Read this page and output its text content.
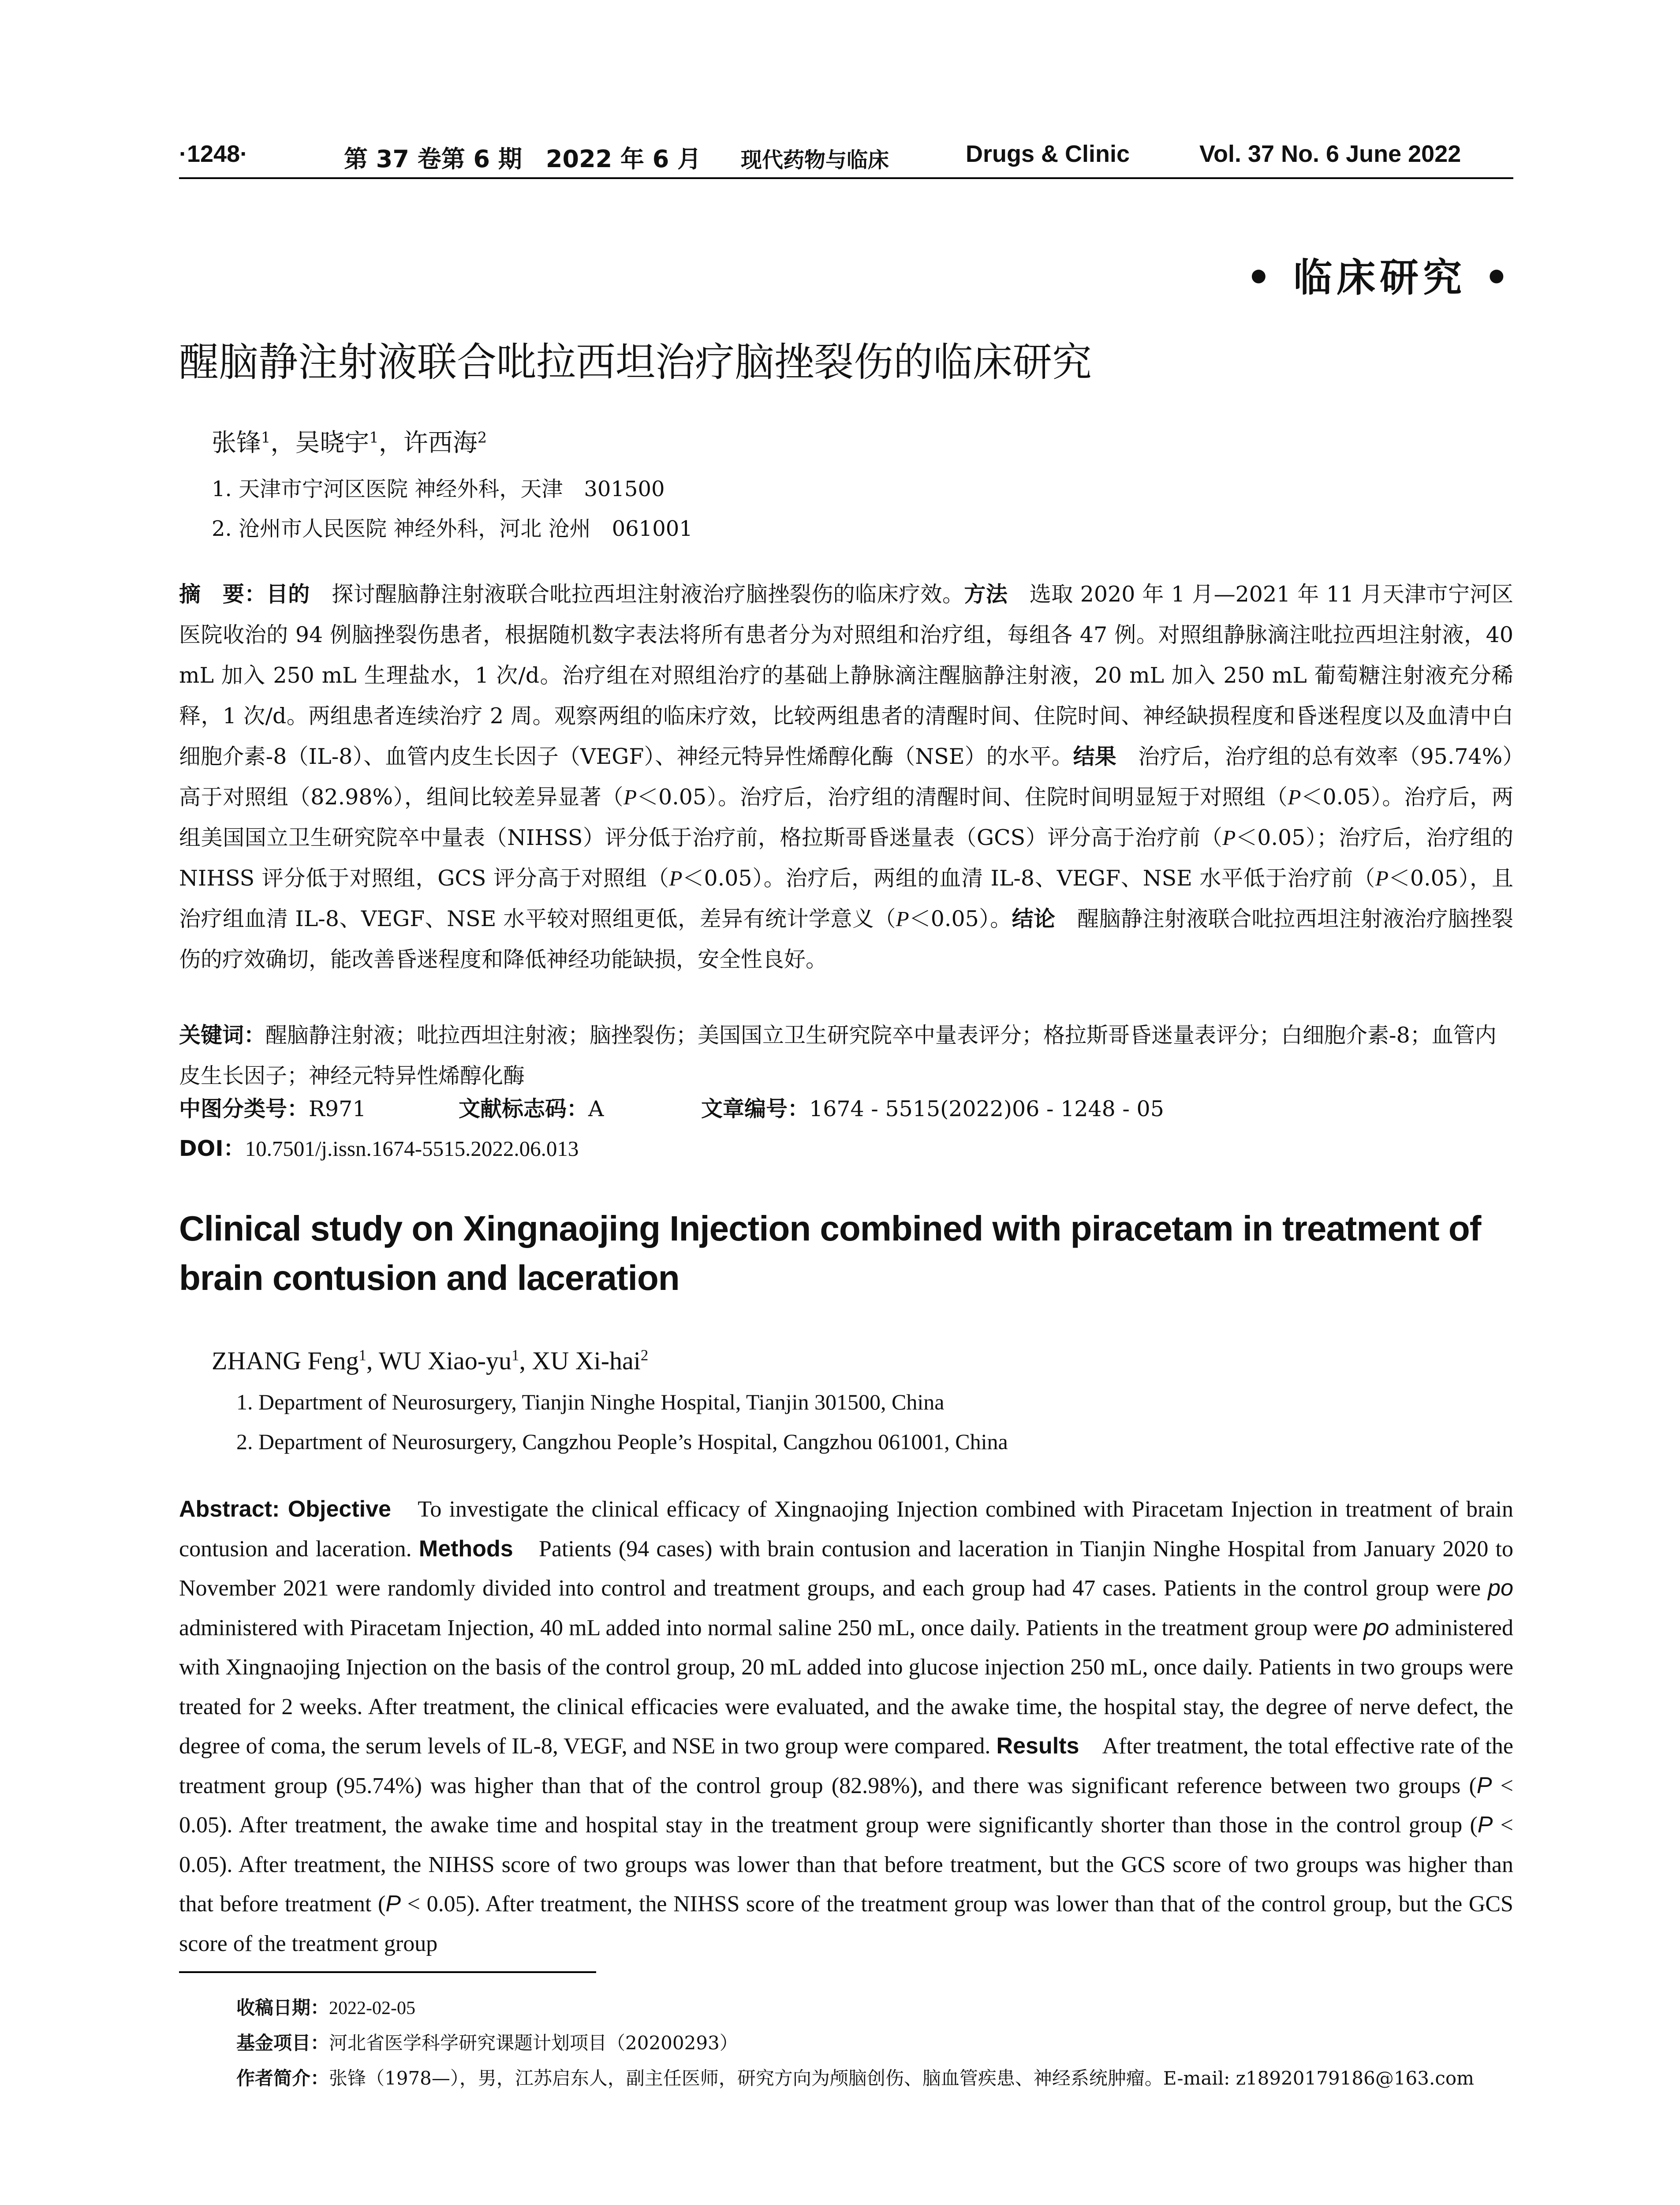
·1248·	第 37 卷第 6 期　2022 年 6 月 现代药物与临床	Drugs & Clinic	Vol. 37 No. 6 June 2022
• 临床研究 •
醒脑静注射液联合吡拉西坦治疗脑挫裂伤的临床研究
张锋$^1$，吴晓宇$^1$，许西海$^2$
1. 天津市宁河区医院 神经外科，天津　301500
2. 沧州市人民医院 神经外科，河北 沧州　061001
摘　要：目的　探讨醒脑静注射液联合吡拉西坦注射液治疗脑挫裂伤的临床疗效。方法　选取 2020 年 1 月—2021 年 11 月天津市宁河区医院收治的 94 例脑挫裂伤患者，根据随机数字表法将所有患者分为对照组和治疗组，每组各 47 例。对照组静脉滴注吡拉西坦注射液，40 mL 加入 250 mL 生理盐水，1 次/d。治疗组在对照组治疗的基础上静脉滴注醒脑静注射液，20 mL 加入 250 mL 葡萄糖注射液充分稀释，1 次/d。两组患者连续治疗 2 周。观察两组的临床疗效，比较两组患者的清醒时间、住院时间、神经缺损程度和昏迷程度以及血清中白细胞介素-8（IL-8）、血管内皮生长因子（VEGF）、神经元特异性烯醇化酶（NSE）的水平。结果　治疗后，治疗组的总有效率（95.74%）高于对照组（82.98%），组间比较差异显著（P＜0.05）。治疗后，治疗组的清醒时间、住院时间明显短于对照组（P＜0.05）。治疗后，两组美国国立卫生研究院卒中量表（NIHSS）评分低于治疗前，格拉斯哥昏迷量表（GCS）评分高于治疗前（P＜0.05）；治疗后，治疗组的 NIHSS 评分低于对照组，GCS 评分高于对照组（P＜0.05）。治疗后，两组的血清 IL-8、VEGF、NSE 水平低于治疗前（P＜0.05），且治疗组血清 IL-8、VEGF、NSE 水平较对照组更低，差异有统计学意义（P＜0.05）。结论　醒脑静注射液联合吡拉西坦注射液治疗脑挫裂伤的疗效确切，能改善昏迷程度和降低神经功能缺损，安全性良好。
关键词：醒脑静注射液；吡拉西坦注射液；脑挫裂伤；美国国立卫生研究院卒中量表评分；格拉斯哥昏迷量表评分；白细胞介素-8；血管内皮生长因子；神经元特异性烯醇化酶
中图分类号：R971	文献标志码：A	文章编号：1674 - 5515(2022)06 - 1248 - 05
DOI：10.7501/j.issn.1674-5515.2022.06.013
Clinical study on Xingnaojing Injection combined with piracetam in treatment of brain contusion and laceration
ZHANG Feng$^1$, WU Xiao-$yu^1$, XU Xi-hai$^2$
1. Department of Neurosurgery, Tianjin Ninghe Hospital, Tianjin 301500, China
2. Department of Neurosurgery, Cangzhou People’s Hospital, Cangzhou 061001, China
Abstract: Objective　To investigate the clinical efficacy of Xingnaojing Injection combined with Piracetam Injection in treatment of brain contusion and laceration. Methods　Patients (94 cases) with brain contusion and laceration in Tianjin Ninghe Hospital from January 2020 to November 2021 were randomly divided into control and treatment groups, and each group had 47 cases. Patients in the control group were po administered with Piracetam Injection, 40 mL added into normal saline 250 mL, once daily. Patients in the treatment group were po administered with Xingnaojing Injection on the basis of the control group, 20 mL added into glucose injection 250 mL, once daily. Patients in two groups were treated for 2 weeks. After treatment, the clinical efficacies were evaluated, and the awake time, the hospital stay, the degree of nerve defect, the degree of coma, the serum levels of IL-8, VEGF, and NSE in two group were compared. Results　After treatment, the total effective rate of the treatment group (95.74%) was higher than that of the control group (82.98%), and there was significant reference between two groups (P < 0.05). After treatment, the awake time and hospital stay in the treatment group were significantly shorter than those in the control group (P < 0.05). After treatment, the NIHSS score of two groups was lower than that before treatment, but the GCS score of two groups was higher than that before treatment (P < 0.05). After treatment, the NIHSS score of the treatment group was lower than that of the control group, but the GCS score of the treatment group
收稿日期：2022-02-05
基金项目：河北省医学科学研究课题计划项目（20200293）
作者简介：张锋（1978—），男，江苏启东人，副主任医师，研究方向为颅脑创伤、脑血管疾患、神经系统肿瘤。E-mail: z18920179186@163.com
